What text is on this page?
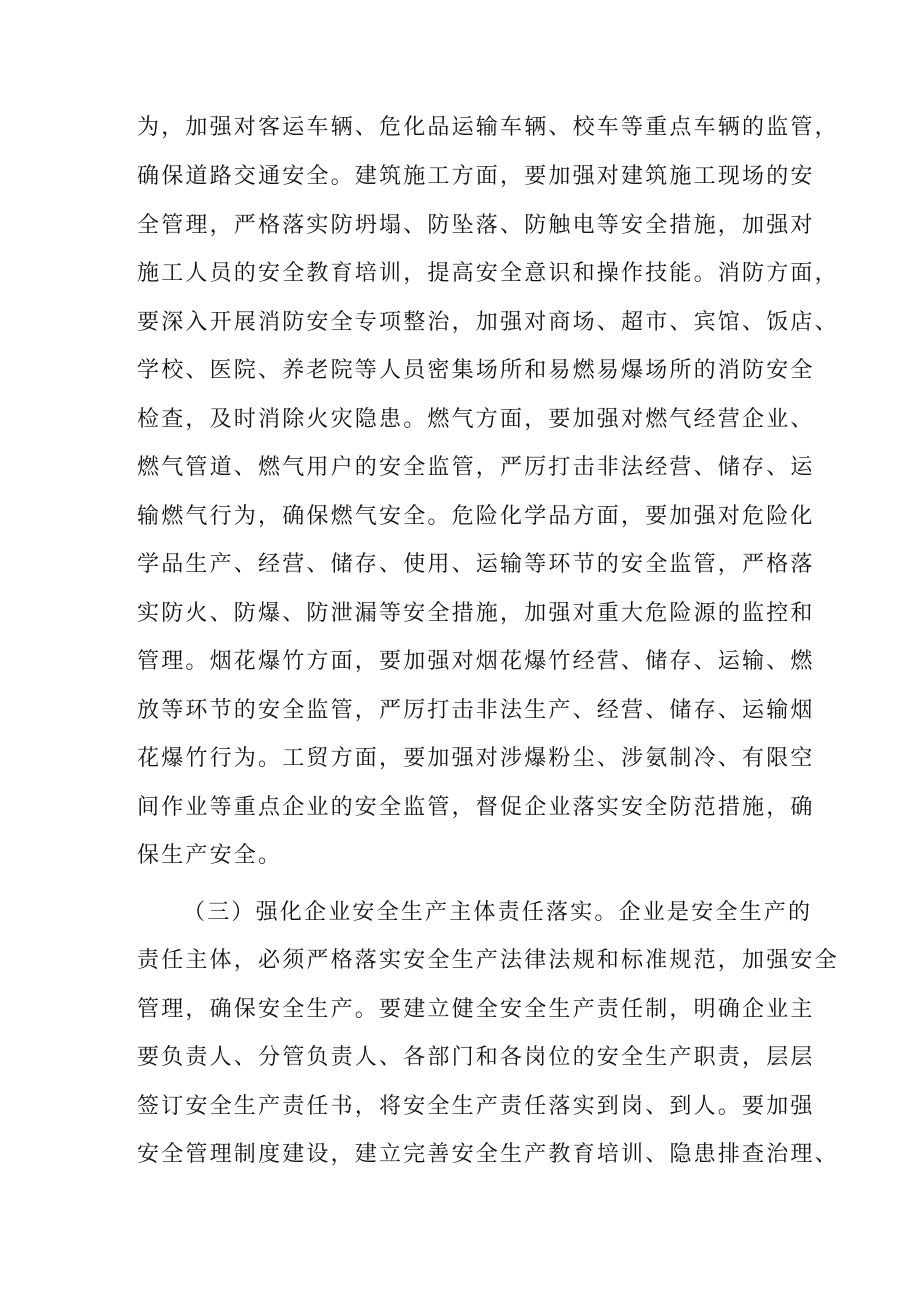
为，加强对客运车辆、危化品运输车辆、校车等重点车辆的监管，
确保道路交通安全。建筑施工方面，要加强对建筑施工现场的安
全管理，严格落实防坍塌、防坠落、防触电等安全措施，加强对
施工人员的安全教育培训，提高安全意识和操作技能。消防方面，
要深入开展消防安全专项整治，加强对商场、超市、宾馆、饭店、
学校、医院、养老院等人员密集场所和易燃易爆场所的消防安全
检查，及时消除火灾隐患。燃气方面，要加强对燃气经营企业、
燃气管道、燃气用户的安全监管，严厉打击非法经营、储存、运
输燃气行为，确保燃气安全。危险化学品方面，要加强对危险化
学品生产、经营、储存、使用、运输等环节的安全监管，严格落
实防火、防爆、防泄漏等安全措施，加强对重大危险源的监控和
管理。烟花爆竹方面，要加强对烟花爆竹经营、储存、运输、燃
放等环节的安全监管，严厉打击非法生产、经营、储存、运输烟
花爆竹行为。工贸方面，要加强对涉爆粉尘、涉氨制冷、有限空
间作业等重点企业的安全监管，督促企业落实安全防范措施，确
保生产安全。
（三）强化企业安全生产主体责任落实。企业是安全生产的
责任主体，必须严格落实安全生产法律法规和标准规范，加强安全
管理，确保安全生产。要建立健全安全生产责任制，明确企业主
要负责人、分管负责人、各部门和各岗位的安全生产职责，层层
签订安全生产责任书，将安全生产责任落实到岗、到人。要加强
安全管理制度建设，建立完善安全生产教育培训、隐患排查治理、
